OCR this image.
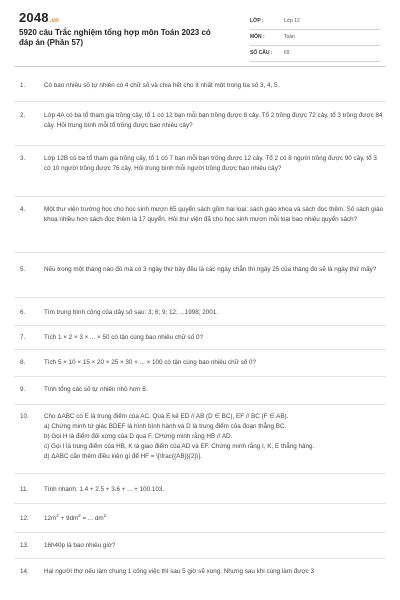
2048.vn
5920 câu Trắc nghiệm tổng hợp môn Toán 2023 có đáp án (Phần 57)
LỚP :	Lớp 12
MÔN :	Toán
SỐ CÂU :	69
1.	Có bao nhiêu số tự nhiên có 4 chữ số và chia hết cho ít nhất một trong ba số 3, 4, 5.
2.	Lớp 4A có ba tổ tham gia trồng cây, tổ 1 có 12 bạn mỗi bạn trồng được 8 cây. Tổ 2 trồng được 72 cây, tổ 3 trồng được 84 cây. Hỏi trung bình mỗi tổ trồng được bao nhiêu cây?
3.	Lớp 12B có ba tổ tham gia trồng cây, tổ 1 có 7 bạn mỗi bạn trồng được 12 cây. Tổ 2 có 8 người trồng được 90 cây, tổ 3 có 10 người trồng được 76 cây. Hỏi trung bình mỗi người trồng được bao nhiêu cây?
4.	Một thư viện trường học cho học sinh mượn 65 quyển sách gồm hai loại: sách giáo khoa và sách đọc thêm. Số sách giáo khoa nhiều hơn sách đọc thêm là 17 quyển. Hỏi thư viện đã cho học sinh mượn mỗi loại bao nhiêu quyển sách?
5.	Nếu trong một tháng nào đó mà có 3 ngày thứ bảy đều là các ngày chẵn thì ngày 25 của tháng đó sẽ là ngày thứ mấy?
6.	Tìm trung bình cộng của dãy số sau: 3; 6; 9; 12; ...1998; 2001.
7.	Tích 1 × 2 × 3 × ... × 50 có tận cùng bao nhiêu chữ số 0?
8.	Tích 5 × 10 × 15 × 20 × 25 × 30 × ... × 100 có tận cùng bao nhiêu chữ số 0?
9.	Tính tổng các số tự nhiên nhỏ hơn 6.
10.	Cho ΔABC có E là trung điểm của AC. Qua E kẻ ED // AB (D ∈ BC), EF // BC (F ∈ AB).
a) Chứng minh tứ giác BDEF là hình bình hành và D là trung điểm của đoạn thẳng BC.
b) Gọi H là điểm đối xứng của D qua F. CHứng minh rằng HB // AD.
c) Gọi I là trung điểm của HB, K là giao điểm của AD và EF. Chứng minh rằng I, K, E thẳng hàng.
d) ΔABC cần thêm điều kiện gì để HF = \[\frac{{AB}}{2}\].
11.	Tính nhanh: 1.4 + 2.5 + 3.6 + ... + 100.103.
12.	$12m^2 + 9dm^2$ = ... $dm^2$
13.	16h40p là bao nhiêu giờ?
14.	Hai người thợ nếu làm chung 1 công việc thì sau 5 giờ sẽ xong. Nhưng sau khi cùng làm được 3
